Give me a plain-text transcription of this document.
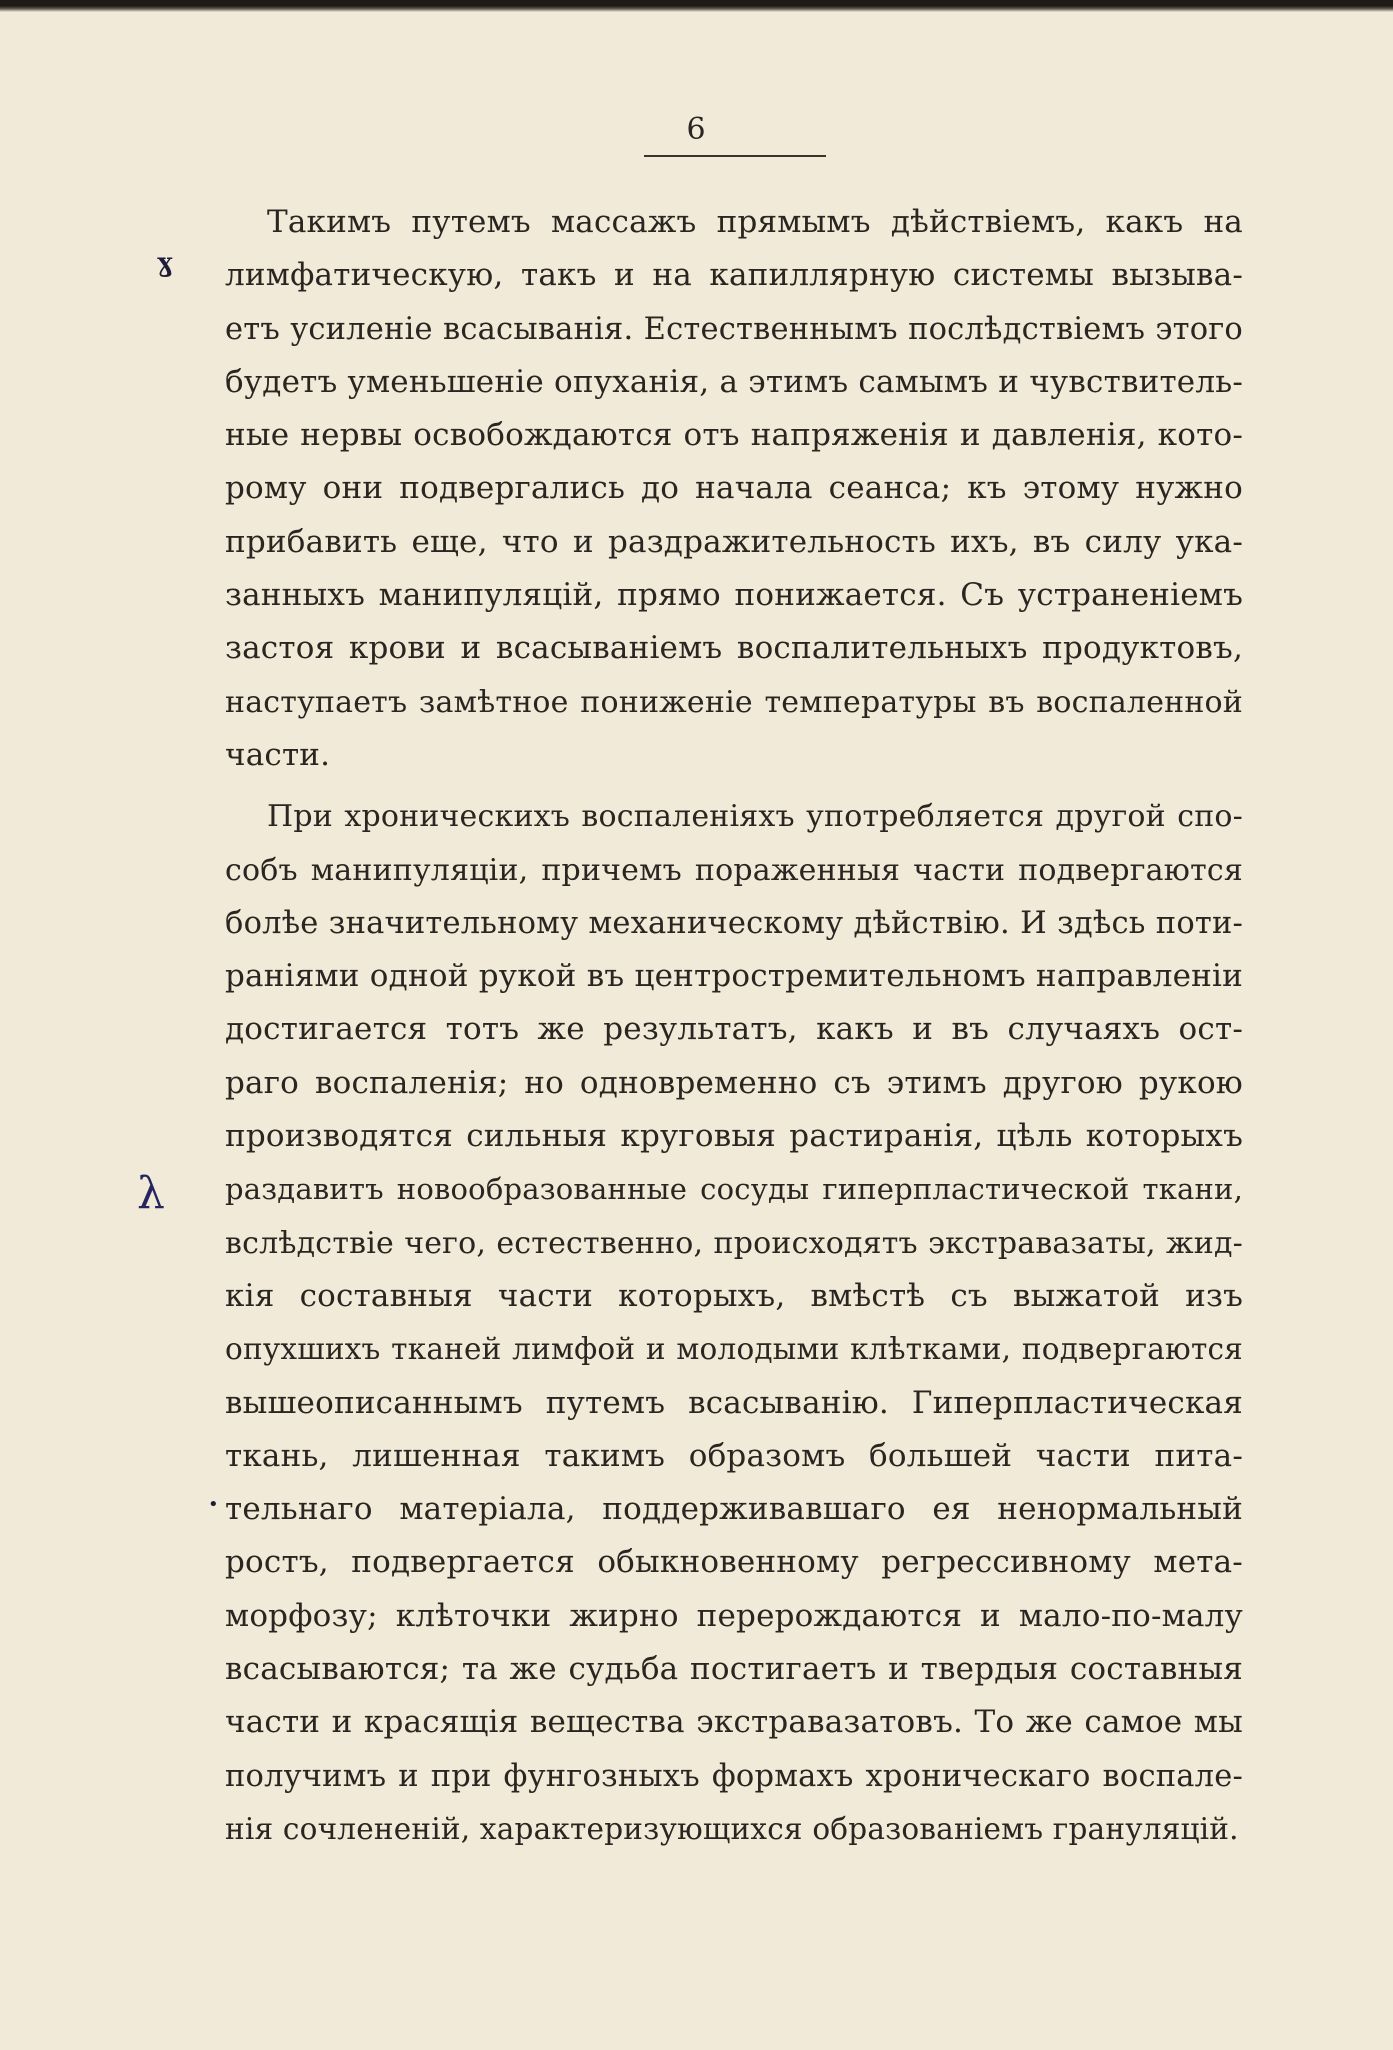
6
ɣ
λ
•
Такимъ путемъ массажъ прямымъ дѣйствіемъ, какъ на
лимфатическую, такъ и на капиллярную системы вызыва-
етъ усиленіе всасыванія. Естественнымъ послѣдствіемъ этого
будетъ уменьшеніе опуханія, а этимъ самымъ и чувствитель-
ные нервы освобождаются отъ напряженія и давленія, кото-
рому они подвергались до начала сеанса; къ этому нужно
прибавить еще, что и раздражительность ихъ, въ силу ука-
занныхъ манипуляцій, прямо понижается. Съ устраненіемъ
застоя крови и всасываніемъ воспалительныхъ продуктовъ,
наступаетъ замѣтное пониженіе температуры въ воспаленной
части.
При хроническихъ воспаленіяхъ употребляется другой спо-
собъ манипуляціи, причемъ пораженныя части подвергаются
болѣе значительному механическому дѣйствію. И здѣсь поти-
раніями одной рукой въ центростремительномъ направленіи
достигается тотъ же результатъ, какъ и въ случаяхъ ост-
раго воспаленія; но одновременно съ этимъ другою рукою
производятся сильныя круговыя растиранія, цѣль которыхъ
раздавитъ новообразованные сосуды гиперпластической ткани,
вслѣдствіе чего, естественно, происходятъ экстравазаты, жид-
кія составныя части которыхъ, вмѣстѣ съ выжатой изъ
опухшихъ тканей лимфой и молодыми клѣтками, подвергаются
вышеописаннымъ путемъ всасыванію. Гиперпластическая
ткань, лишенная такимъ образомъ большей части пита-
тельнаго матеріала, поддерживавшаго ея ненормальный
ростъ, подвергается обыкновенному регрессивному мета-
морфозу; клѣточки жирно перерождаются и мало-по-малу
всасываются; та же судьба постигаетъ и твердыя составныя
части и красящія вещества экстравазатовъ. То же самое мы
получимъ и при фунгозныхъ формахъ хроническаго воспале-
нія сочлененій, характеризующихся образованіемъ грануляцій.
